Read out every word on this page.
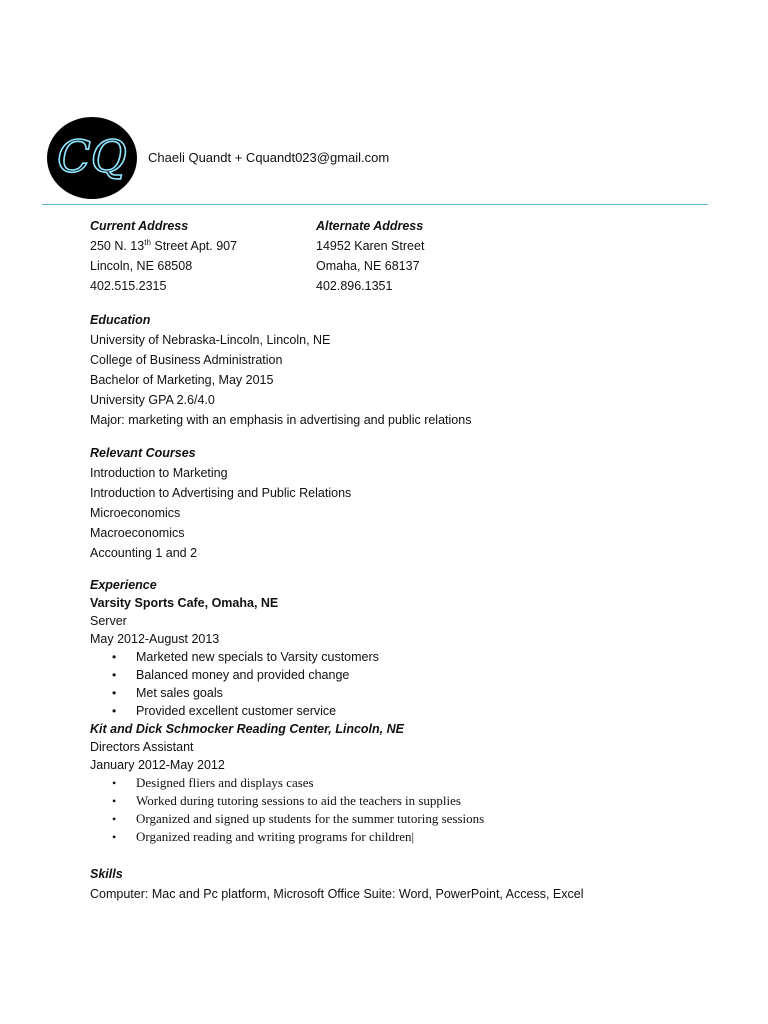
CQ Chaeli Quandt + Cquandt023@gmail.com
Current Address
250 N. 13th Street Apt. 907
Lincoln, NE 68508
402.515.2315
Alternate Address
14952 Karen Street
Omaha, NE 68137
402.896.1351
Education
University of Nebraska-Lincoln, Lincoln, NE
College of Business Administration
Bachelor of Marketing, May 2015
University GPA 2.6/4.0
Major: marketing with an emphasis in advertising and public relations
Relevant Courses
Introduction to Marketing
Introduction to Advertising and Public Relations
Microeconomics
Macroeconomics
Accounting 1 and 2
Experience
Varsity Sports Cafe, Omaha, NE
Server
May 2012-August 2013
• Marketed new specials to Varsity customers
• Balanced money and provided change
• Met sales goals
• Provided excellent customer service
Kit and Dick Schmocker Reading Center, Lincoln, NE
Directors Assistant
January 2012-May 2012
• Designed fliers and displays cases
• Worked during tutoring sessions to aid the teachers in supplies
• Organized and signed up students for the summer tutoring sessions
• Organized reading and writing programs for children|
Skills
Computer: Mac and Pc platform, Microsoft Office Suite: Word, PowerPoint, Access, Excel
